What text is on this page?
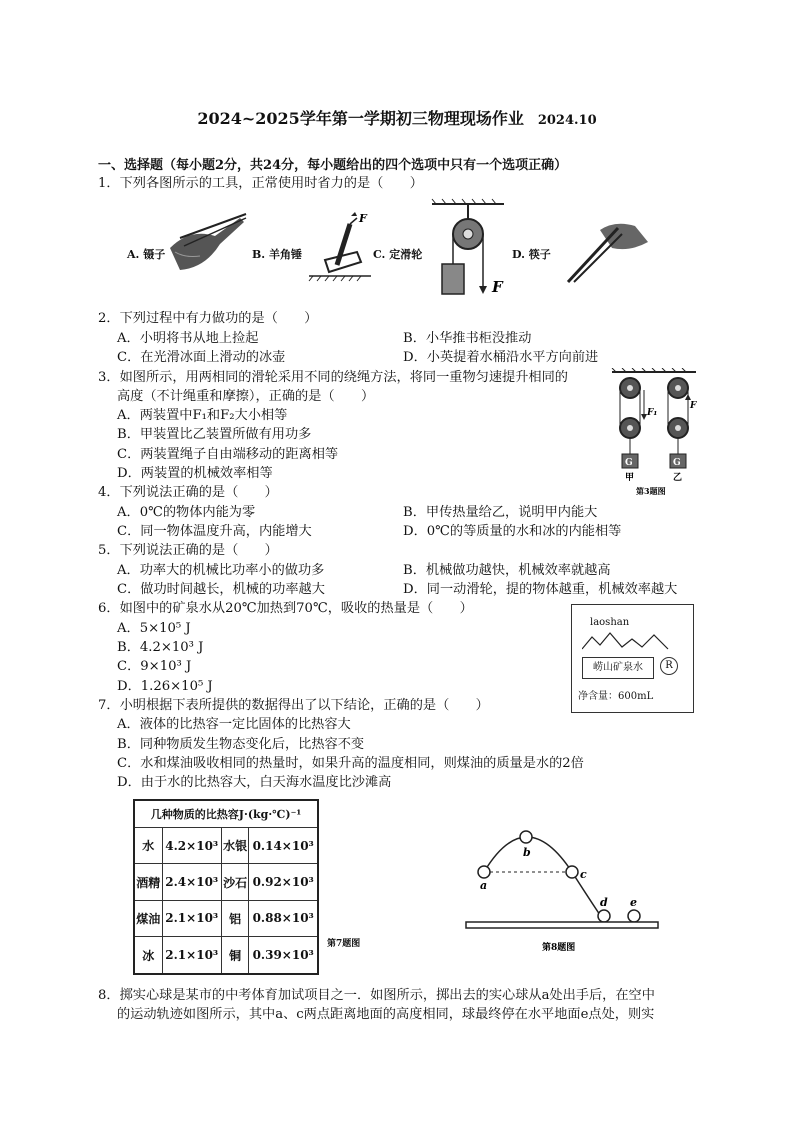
2024~2025学年第一学期初三物理现场作业 2024.10
一、选择题（每小题2分，共24分，每小题给出的四个选项中只有一个选项正确）
1．下列各图所示的工具，正常使用时省力的是（　　）
A. 镊子	B. 羊角锤	C. 定滑轮	D. 筷子
F
F
2．下列过程中有力做功的是（　　）
A．小明将书从地上捡起	B．小华推书柜没推动
C．在光滑冰面上滑动的冰壶	D．小英提着水桶沿水平方向前进
3．如图所示，用两相同的滑轮采用不同的绕绳方法，将同一重物匀速提升相同的
高度（不计绳重和摩擦），正确的是（　　）
A．两装置中F₁和F₂大小相等
B．甲装置比乙装置所做有用功多
C．两装置绳子自由端移动的距离相等
D．两装置的机械效率相等
F₁
G
甲
F
G
乙
第3题图
4．下列说法正确的是（　　）
A．0℃的物体内能为零	B．甲传热量给乙，说明甲内能大
C．同一物体温度升高，内能增大	D．0℃的等质量的水和冰的内能相等
5．下列说法正确的是（　　）
A．功率大的机械比功率小的做功多	B．机械做功越快，机械效率就越高
C．做功时间越长，机械的功率越大	D．同一动滑轮，提的物体越重，机械效率越大
6．如图中的矿泉水从20℃加热到70℃，吸收的热量是（　　）
A．5×10⁵ J
B．4.2×10³ J
C．9×10³ J
D．1.26×10⁵ J
laoshan
崂山矿泉水	R
净含量：600mL
7．小明根据下表所提供的数据得出了以下结论，正确的是（　　）
A．液体的比热容一定比固体的比热容大
B．同种物质发生物态变化后，比热容不变
C．水和煤油吸收相同的热量时，如果升高的温度相同，则煤油的质量是水的2倍
D．由于水的比热容大，白天海水温度比沙滩高
几种物质的比热容J·(kg·℃)⁻¹			
水	4.2×10³	水银	0.14×10³
酒精	2.4×10³	沙石	0.92×10³
煤油	2.1×10³	铝	0.88×10³
冰	2.1×10³	铜	0.39×10³
第7题图
a
b
c
d e
第8题图
8．掷实心球是某市的中考体育加试项目之一．如图所示，掷出去的实心球从a处出手后，在空中
的运动轨迹如图所示，其中a、c两点距离地面的高度相同，球最终停在水平地面e点处，则实
